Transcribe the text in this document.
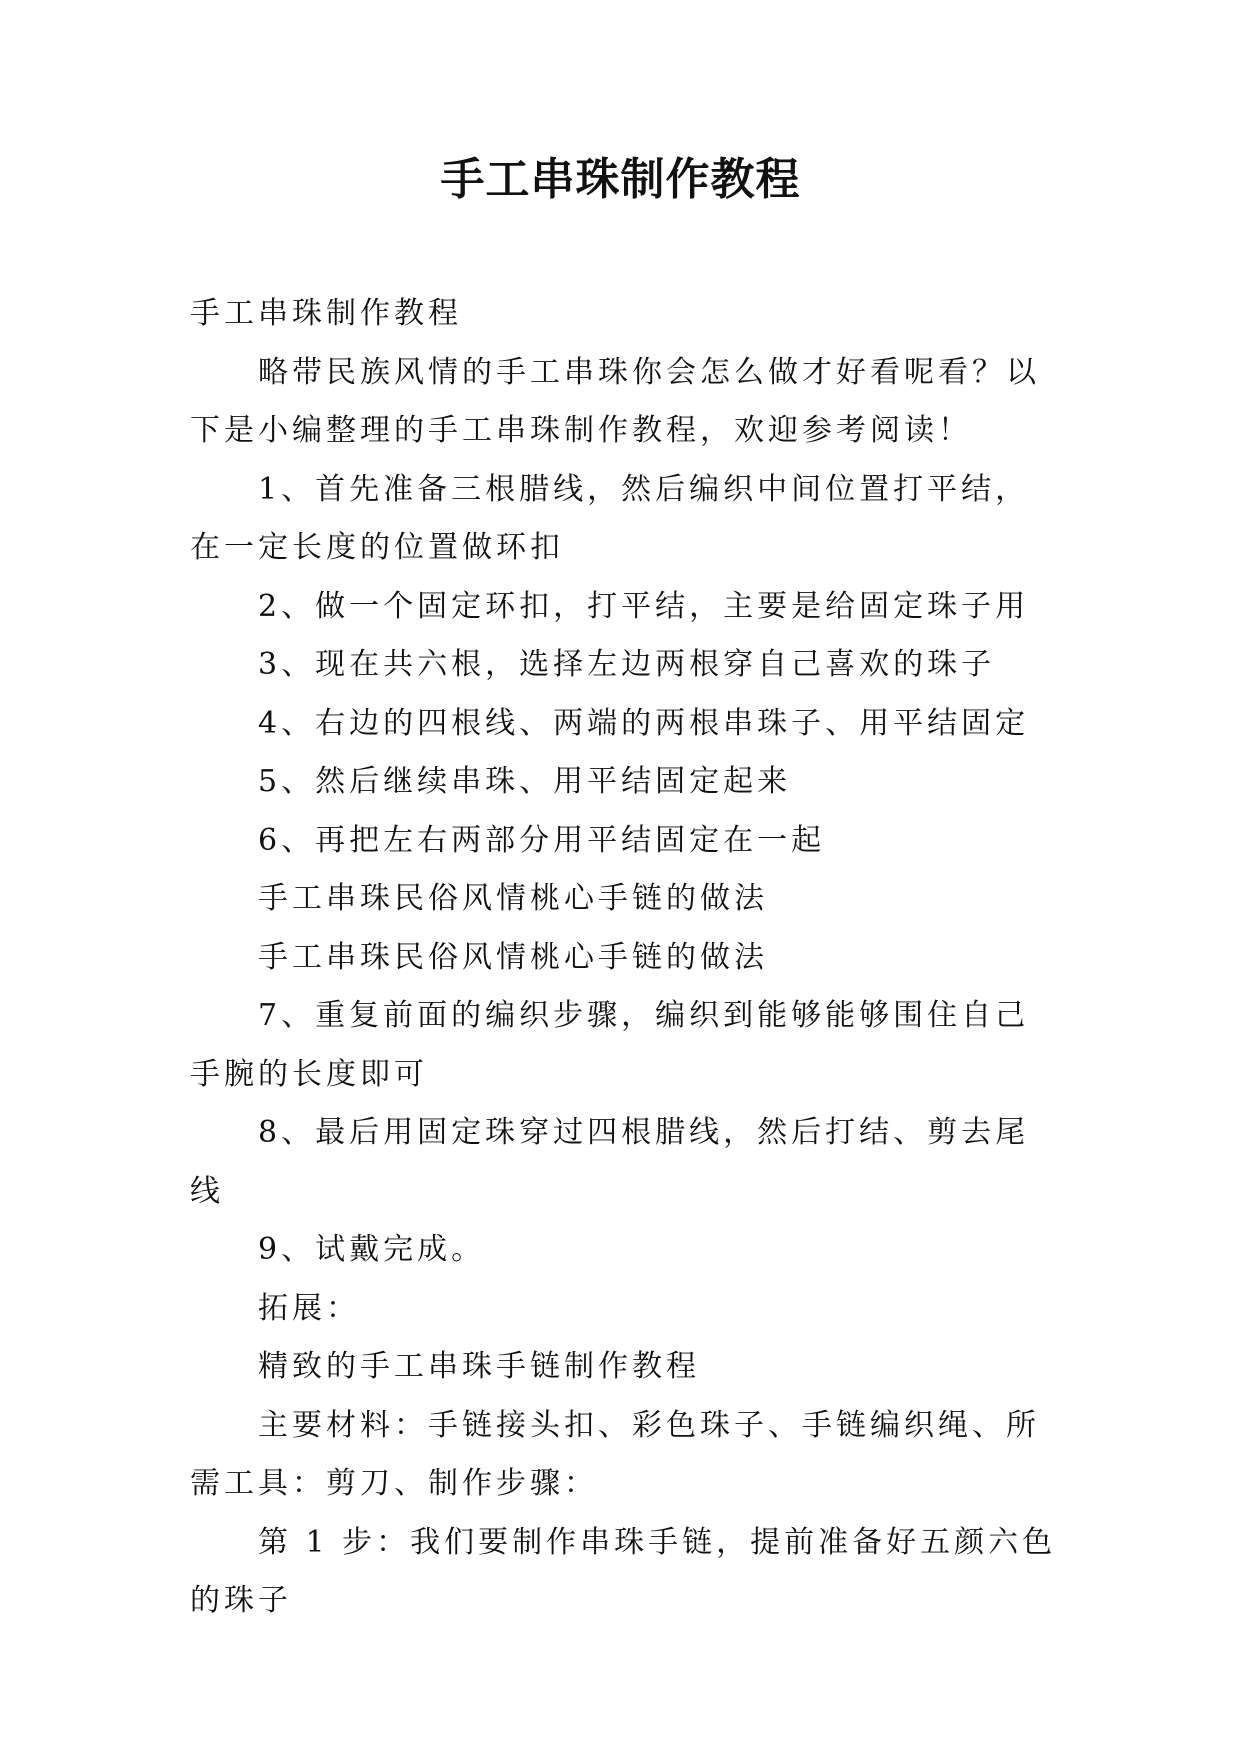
手工串珠制作教程

手工串珠制作教程

略带民族风情的手工串珠你会怎么做才好看呢看？以下是小编整理的手工串珠制作教程，欢迎参考阅读！

1、首先准备三根腊线，然后编织中间位置打平结，在一定长度的位置做环扣

2、做一个固定环扣，打平结，主要是给固定珠子用

3、现在共六根，选择左边两根穿自己喜欢的珠子

4、右边的四根线、两端的两根串珠子、用平结固定

5、然后继续串珠、用平结固定起来

6、再把左右两部分用平结固定在一起

手工串珠民俗风情桃心手链的做法

手工串珠民俗风情桃心手链的做法

7、重复前面的编织步骤，编织到能够能够围住自己手腕的长度即可

8、最后用固定珠穿过四根腊线，然后打结、剪去尾线

9、试戴完成。

拓展：

精致的手工串珠手链制作教程

主要材料：手链接头扣、彩色珠子、手链编织绳、所需工具：剪刀、制作步骤：

第 1 步：我们要制作串珠手链，提前准备好五颜六色的珠子
